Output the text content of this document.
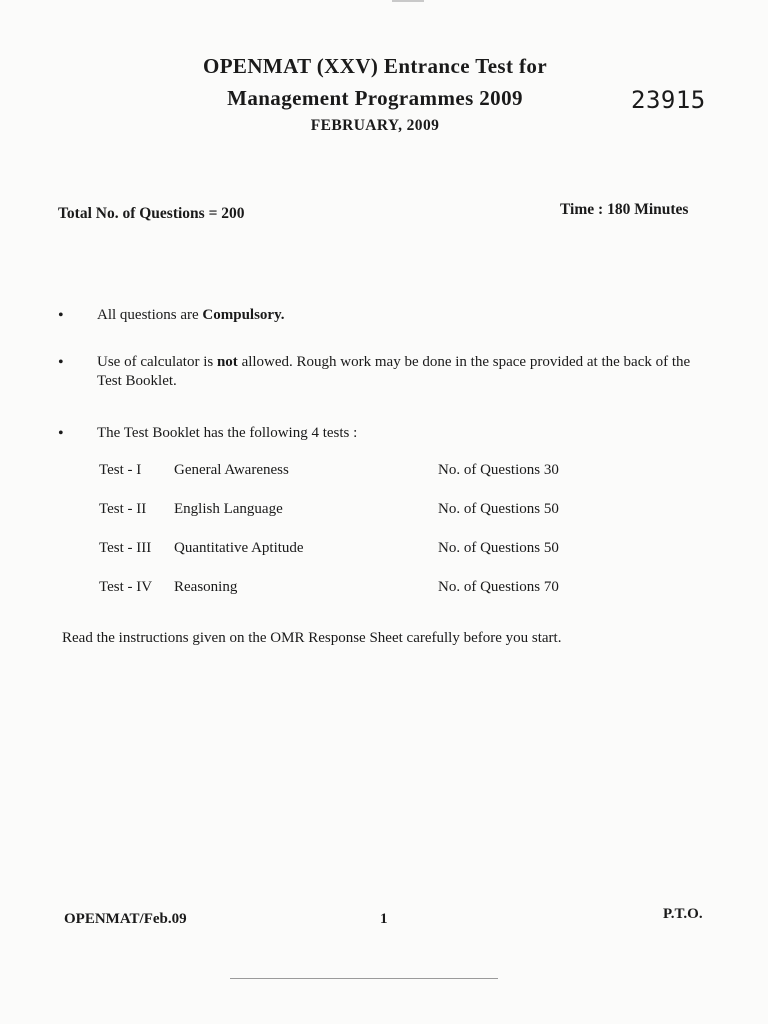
OPENMAT (XXV) Entrance Test for
Management Programmes 2009
FEBRUARY, 2009
23915
Total No. of Questions = 200	Time : 180 Minutes
• All questions are Compulsory.
• Use of calculator is not allowed. Rough work may be done in the space provided at the back of the Test Booklet.
• The Test Booklet has the following 4 tests :
Test - I General Awareness	No. of Questions 30
Test - II English Language	No. of Questions 50
Test - III Quantitative Aptitude	No. of Questions 50
Test - IV Reasoning	No. of Questions 70
Read the instructions given on the OMR Response Sheet carefully before you start.
OPENMAT/Feb.09	1	P.T.O.
